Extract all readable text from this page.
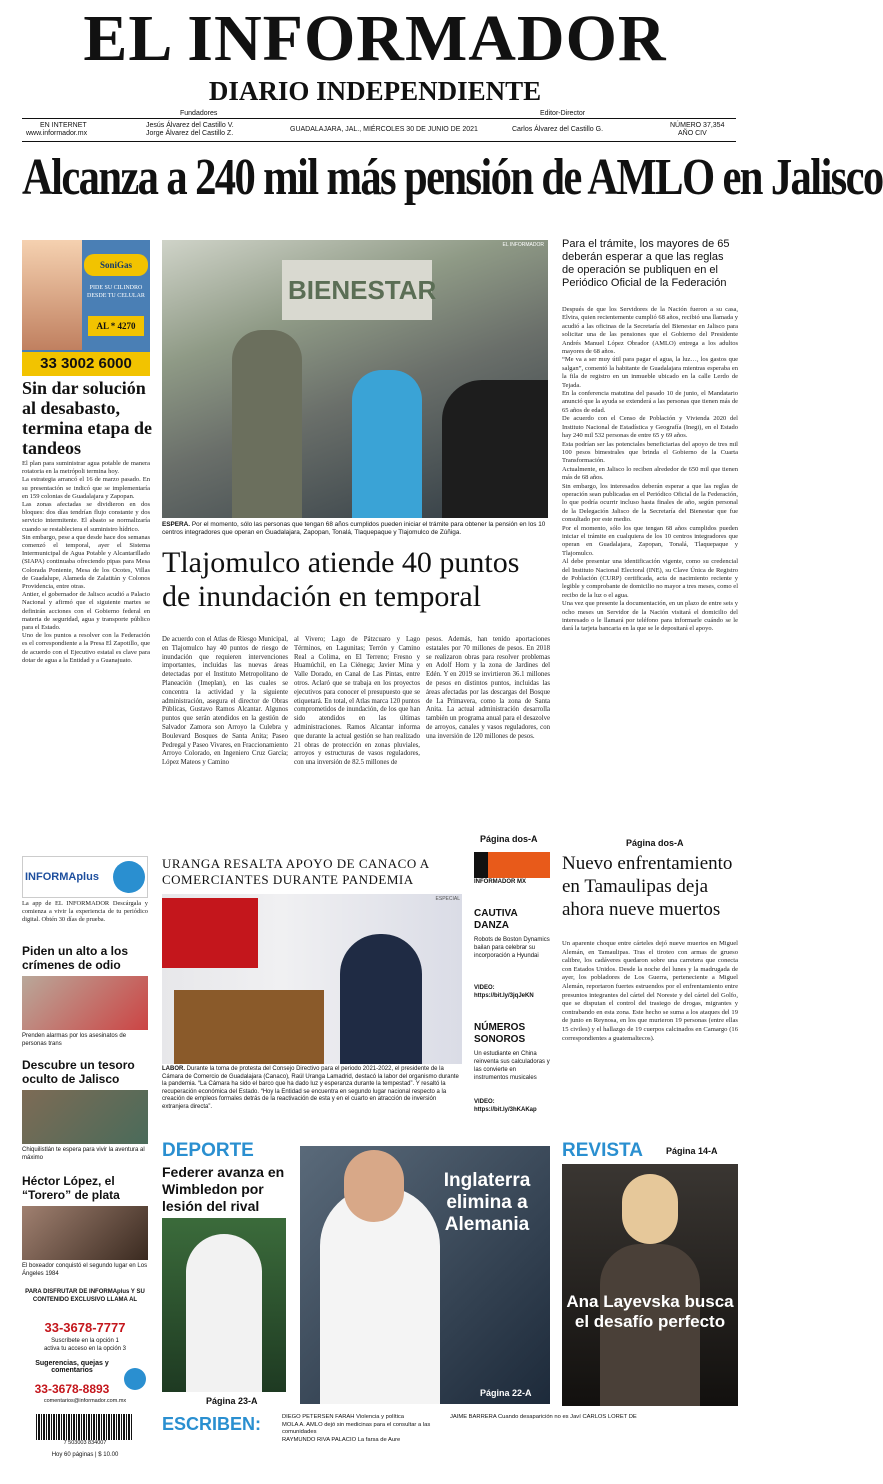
EL INFORMADOR
DIARIO INDEPENDIENTE
Fundadores	Editor-Director
EN INTERNET
www.informador.mx
Jesús Álvarez del Castillo V.
Jorge Álvarez del Castillo Z.
GUADALAJARA, JAL., MIÉRCOLES 30 DE JUNIO DE 2021	Carlos Álvarez del Castillo G.
NÚMERO 37,354
AÑO CIV
Alcanza a 240 mil más pensión de AMLO en Jalisco
SoniGas
PIDE SU CILINDRO DESDE TU CELULAR
AL * 4270
33 3002 6000
Sin dar solución al desabasto, termina etapa de tandeos

El plan para suministrar agua potable de manera rotatoria en la metrópoli termina hoy.

La estrategia arrancó el 16 de marzo pasado. En su presentación se indicó que se implementaría en 159 colonias de Guadalajara y Zapopan.

Las zonas afectadas se dividieron en dos bloques: dos días tendrían flujo constante y dos servicio intermitente. El abasto se normalizaría cuando se restableciera el suministro hídrico.

Sin embargo, pese a que desde hace dos semanas comenzó el temporal, ayer el Sistema Intermunicipal de Agua Potable y Alcantarillado (SIAPA) continuaba ofreciendo pipas para Mesa Colorada Poniente, Mesa de los Ocotes, Villas de Guadalupe, Alameda de Zalatitán y Colonos Providencia, entre otras.

Antier, el gobernador de Jalisco acudió a Palacio Nacional y afirmó que el siguiente martes se definirán acciones con el Gobierno federal en materia de seguridad, agua y transporte público para el Estado.

Uno de los puntos a resolver con la Federación es el correspondiente a la Presa El Zapotillo, que de acuerdo con el Ejecutivo estatal es clave para dotar de agua a la Entidad y a Guanajuato.

BIENESTAR
EL INFORMADOR
ESPERA. Por el momento, sólo las personas que tengan 68 años cumplidos pueden iniciar el trámite para obtener la pensión en los 10 centros integradores que operan en Guadalajara, Zapopan, Tonalá, Tlaquepaque y Tlajomulco de Zúñiga.
Para el trámite, los mayores de 65 deberán esperar a que las reglas de operación se publiquen en el Periódico Oficial de la Federación

Después de que los Servidores de la Nación fueron a su casa, Elvira, quien recientemente cumplió 68 años, recibió una llamada y acudió a las oficinas de la Secretaría del Bienestar en Jalisco para solicitar una de las pensiones que el Gobierno del Presidente Andrés Manuel López Obrador (AMLO) entrega a los adultos mayores de 68 años.

“Me va a ser muy útil para pagar el agua, la luz…, los gastos que salgan”, comentó la habitante de Guadalajara mientras esperaba en la fila de registro en un inmueble ubicado en la calle Lerdo de Tejada.

En la conferencia matutina del pasado 10 de junio, el Mandatario anunció que la ayuda se extenderá a las personas que tienen más de 65 años de edad.

De acuerdo con el Censo de Población y Vivienda 2020 del Instituto Nacional de Estadística y Geografía (Inegi), en el Estado hay 240 mil 532 personas de entre 65 y 69 años.

Esta podrían ser las potenciales beneficiarias del apoyo de tres mil 100 pesos bimestrales que brinda el Gobierno de la Cuarta Transformación.

Actualmente, en Jalisco lo reciben alrededor de 650 mil que tienen más de 68 años.

Sin embargo, los interesados deberán esperar a que las reglas de operación sean publicadas en el Periódico Oficial de la Federación, lo que podría ocurrir incluso hasta finales de año, según personal de la Delegación Jalisco de la Secretaría del Bienestar que fue consultado por este medio.

Por el momento, sólo los que tengan 68 años cumplidos pueden iniciar el trámite en cualquiera de los 10 centros integradores que operan en Guadalajara, Zapopan, Tonalá, Tlaquepaque y Tlajomulco.

Al debe presentar una identificación vigente, como su credencial del Instituto Nacional Electoral (INE), su Clave Única de Registro de Población (CURP) certificada, acta de nacimiento reciente y legible y comprobante de domicilio no mayor a tres meses, como el recibo de la luz o el agua.

Una vez que presente la documentación, en un plazo de entre seis y ocho meses un Servidor de la Nación visitará el domicilio del interesado o le llamará por teléfono para informarle cuándo se le dará la tarjeta bancaria en la que se le depositará el apoyo.

Página dos-A
Tlajomulco atiende 40 puntos de inundación en temporal
De acuerdo con el Atlas de Riesgo Municipal, en Tlajomulco hay 40 puntos de riesgo de inundación que requieren intervenciones importantes, incluidas las nuevas áreas detectadas por el Instituto Metropolitano de Planeación (Imeplan), en las cuales se concentra la actividad y la siguiente administración, asegura el director de Obras Públicas, Gustavo Ramos Alcantar. Algunos puntos que serán atendidos en la gestión de Salvador Zamora son Arroyo la Culebra y Boulevard Bosques de Santa Anita; Paseo Pedregal y Paseo Vivares, en Fraccionamiento Arroyo Colorado, en Ingeniero Cruz García; López Mateos y Camino
al Vivero; Lago de Pátzcuaro y Lago Términos, en Lagunitas; Terrón y Camino Real a Colima, en El Terreno; Fresno y Huamúchil, en La Ciénega; Javier Mina y Valle Dorado, en Canal de Las Pintas, entre otros. Aclaró que se trabaja en los proyectos ejecutivos para conocer el presupuesto que se etiquetará. En total, el Atlas marca 120 puntos comprometidos de inundación, de los que han sido atendidos en las últimas administraciones. Ramos Alcantar informa que durante la actual gestión se han realizado 21 obras de protección en zonas pluviales, arroyos y estructuras de vasos reguladores, con una inversión de 82.5 millones de
pesos. Además, han tenido aportaciones estatales por 70 millones de pesos. En 2018 se realizaron obras para resolver problemas en Adolf Horn y la zona de Jardines del Edén. Y en 2019 se invirtieron 36.1 millones de pesos en distintos puntos, incluidas las áreas afectadas por las descargas del Bosque de La Primavera, como la zona de Santa Anita. La actual administración desarrolla también un programa anual para el desazolve de arroyos, canales y vasos reguladores, con una inversión de 120 millones de pesos.
Página dos-A
INFORMAplus
La app de EL INFORMADOR Descárgala y comienza a vivir la experiencia de tu periódico digital. Obtén 30 días de prueba.
Piden un alto a los crímenes de odio
Prenden alarmas por los asesinatos de personas trans
Descubre un tesoro oculto de Jalisco
Chiquilistlán te espera para vivir la aventura al máximo
Héctor López, el “Torero” de plata
El boxeador conquistó el segundo lugar en Los Ángeles 1984
PARA DISFRUTAR DE INFORMAplus Y SU CONTENIDO EXCLUSIVO LLAMA AL
33-3678-7777
Suscríbete en la opción 1
activa tu acceso en la opción 3
Sugerencias, quejas y comentarios
33-3678-8893
comentarios@informador.com.mx
7 503003 834007
Hoy 60 páginas | $ 10.00
URANGA RESALTA APOYO DE CANACO A COMERCIANTES DURANTE PANDEMIA
ESPECIAL
LABOR. Durante la toma de protesta del Consejo Directivo para el periodo 2021-2022, el presidente de la Cámara de Comercio de Guadalajara (Canaco), Raúl Uranga Lamadrid, destacó la labor del organismo durante la pandemia. “La Cámara ha sido el barco que ha dado luz y esperanza durante la tempestad”. Y resaltó la recuperación económica del Estado. “Hoy la Entidad se encuentra en segundo lugar nacional respecto a la creación de empleos formales detrás de la reactivación de esta y en el cuarto en atracción de inversión extranjera directa”.
INFORMADOR MX
CAUTIVA DANZA
Robots de Boston Dynamics bailan para celebrar su incorporación a Hyundai
VIDEO: https://bit.ly/3jqJeKN
NÚMEROS SONOROS
Un estudiante en China reinventa sus calculadoras y las convierte en instrumentos musicales
VIDEO: https://bit.ly/3hKAKap
Nuevo enfrentamiento en Tamaulipas deja ahora nueve muertos
Un aparente choque entre cárteles dejó nueve muertos en Miguel Alemán, en Tamaulipas. Tras el tiroteo con armas de grueso calibre, los cadáveres quedaron sobre una carretera que conecta con Estados Unidos. Desde la noche del lunes y la madrugada de ayer, los pobladores de Los Guerra, perteneciente a Miguel Alemán, reportaron fuertes estruendos por el enfrentamiento entre presuntos integrantes del cártel del Noreste y del cártel del Golfo, que se disputan el control del trasiego de drogas, migrantes y contrabando en esta zona. Este hecho se suma a los ataques del 19 de junio en Reynosa, en los que murieron 19 personas (entre ellas 15 civiles) y el hallazgo de 19 cuerpos calcinados en Camargo (16 correspondientes a guatemaltecos).
DEPORTE
Federer avanza en Wimbledon por lesión del rival
Página 23-A
Inglaterra elimina a Alemania
Página 22-A
REVISTA	Página 14-A
Ana Layevska busca el desafío perfecto
ESCRIBEN:	DIEGO PETERSEN FARAH Violencia y política
MOLA A. AMLO dejó sin medicinas para el consultar a las comunidades
RAYMUNDO RIVA PALACIO La farsa de Aure
JAIME BARRERA Cuando desaparición no es Javí CARLOS LORET DE
